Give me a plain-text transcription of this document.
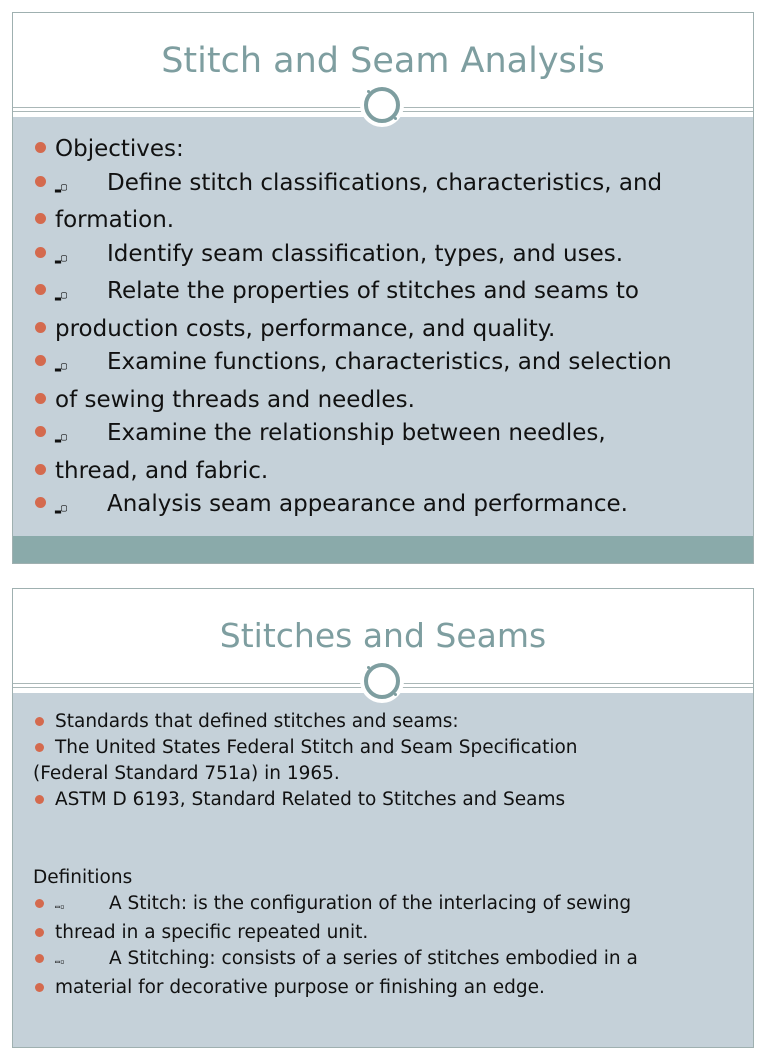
Stitch and Seam Analysis
Objectives:
▂▢ Define stitch classifications, characteristics, and
formation.
▂▢ Identify seam classification, types, and uses.
▂▢ Relate the properties of stitches and seams to
production costs, performance, and quality.
▂▢ Examine functions, characteristics, and selection
of sewing threads and needles.
▂▢ Examine the relationship between needles,
thread, and fabric.
▂▢ Analysis seam appearance and performance.
Stitches and Seams
Standards that defined stitches and seams:
The United States Federal Stitch and Seam Specification
(Federal Standard 751a) in 1965.
ASTM D 6193, Standard Related to Stitches and Seams
Definitions
▭▫ A Stitch: is the configuration of the interlacing of sewing
thread in a specific repeated unit.
▭▫ A Stitching: consists of a series of stitches embodied in a
material for decorative purpose or finishing an edge.
